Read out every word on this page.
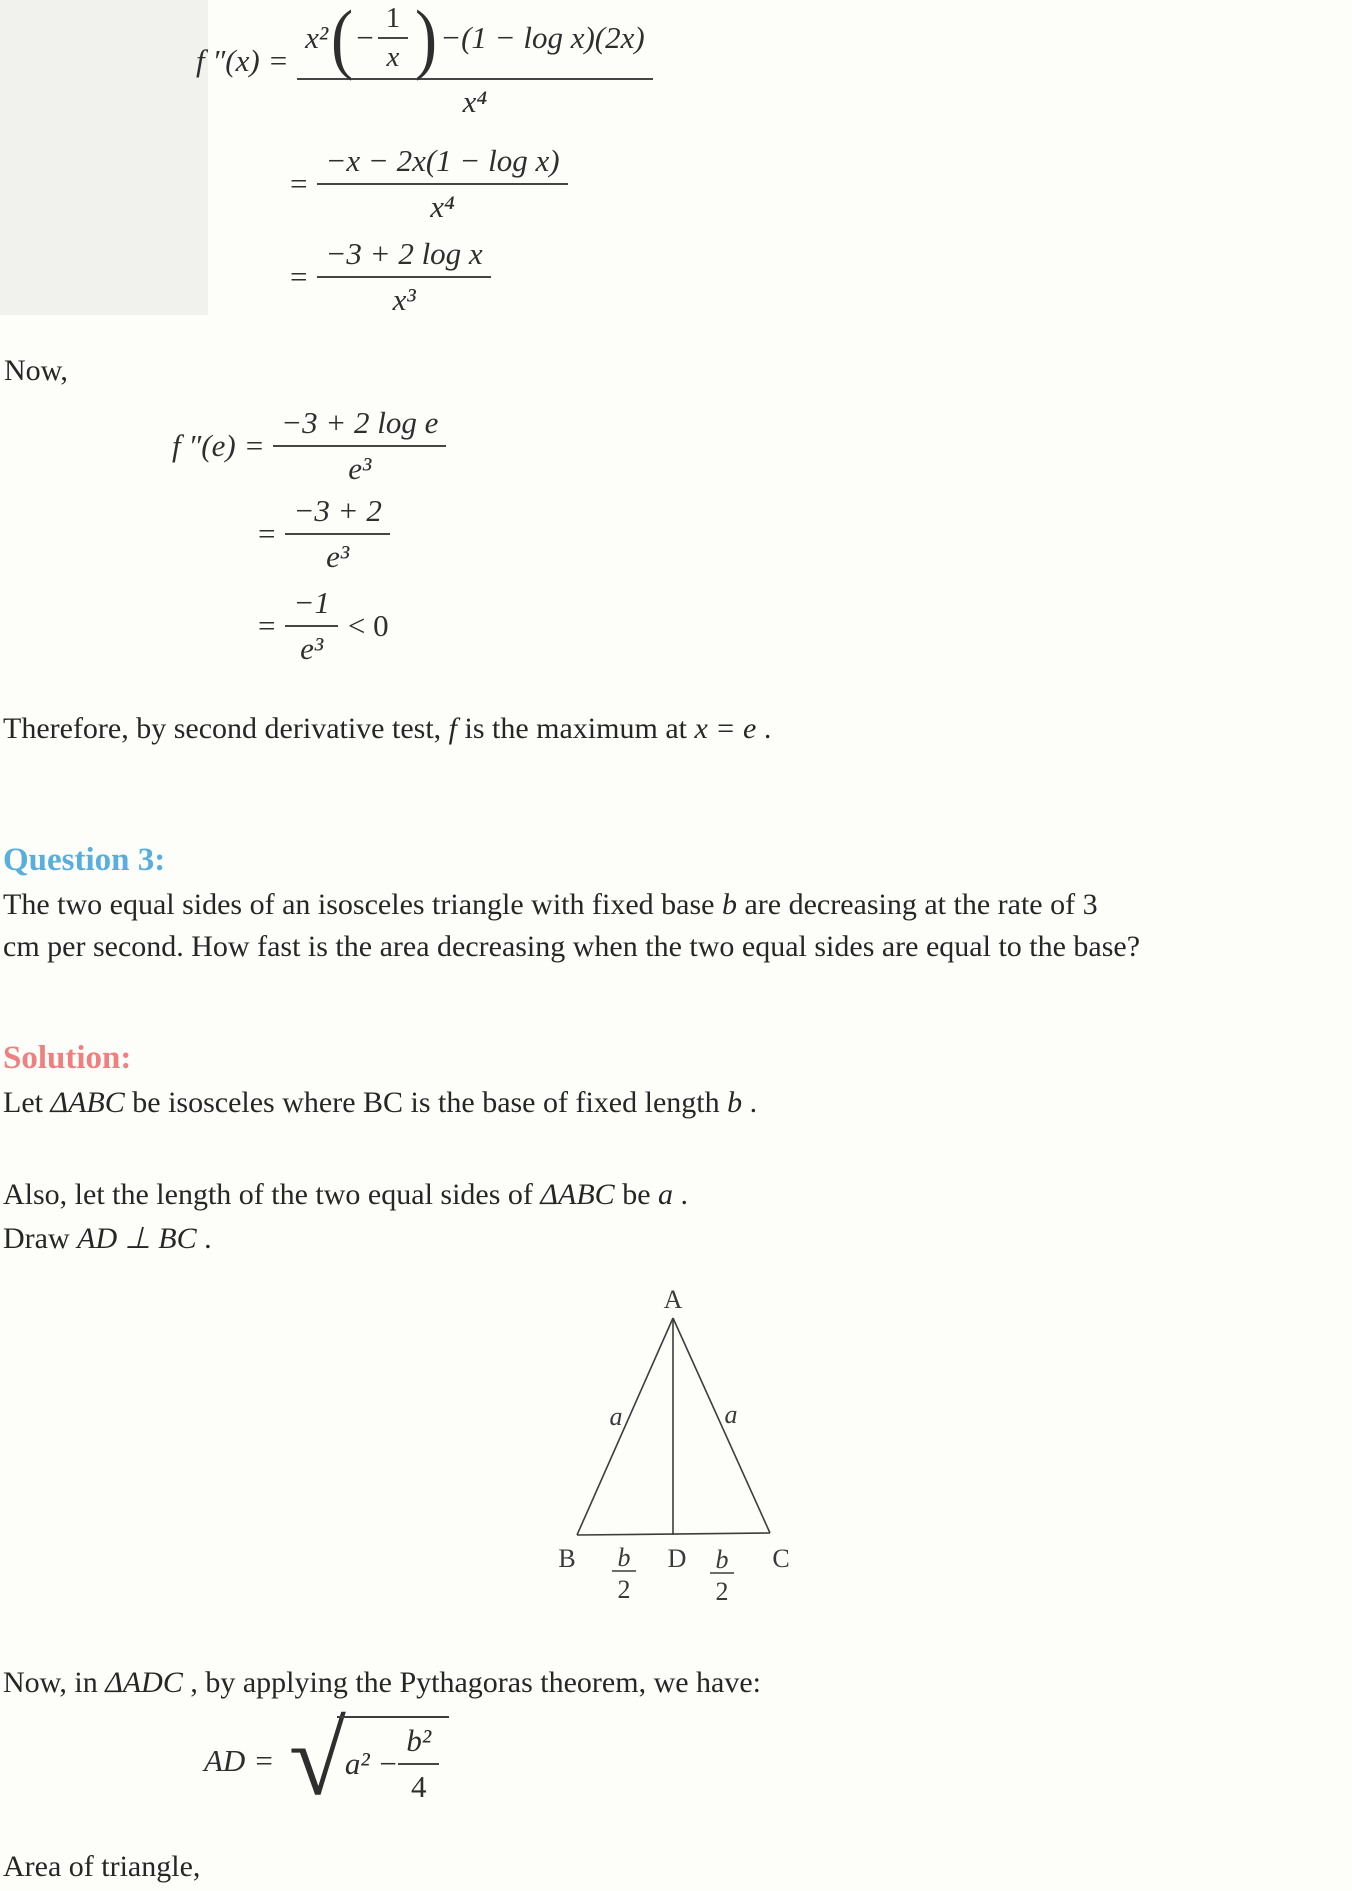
f $''(x) = \frac{x^2 ( - \frac{1}{x} ) -(1 - \log x)(2x)}{\text{x⁴}}$
= $\frac{\text{−x − 2x(1 − log x)}}{\text{x⁴}}$
= $\frac{\text{−3 + 2 log x}}{\text{x³}}$
Now,
f $''(e) = \frac{\text{−3 + 2 log e}}{\text{e³}}$
= $\frac{-3 + 2}{\text{e³}}$
= $\frac{-1}{\text{e³}} < 0$
Therefore, by second derivative test, f is the maximum at x = e .
Question 3:
The two equal sides of an isosceles triangle with fixed base b are decreasing at the rate of 3
cm per second. How fast is the area decreasing when the two equal sides are equal to the base?
Solution:
Let ΔABC be isosceles where BC is the base of fixed length b .
Also, let the length of the two equal sides of ΔABC be a .
Draw AD ⊥ BC .
A
B	D	C
a	a
b
2
b
2
Now, in ΔADC , by applying the Pythagoras theorem, we have:
AD = √ $a^2 - \frac{\text{b²}}{4}$
Area of triangle,
